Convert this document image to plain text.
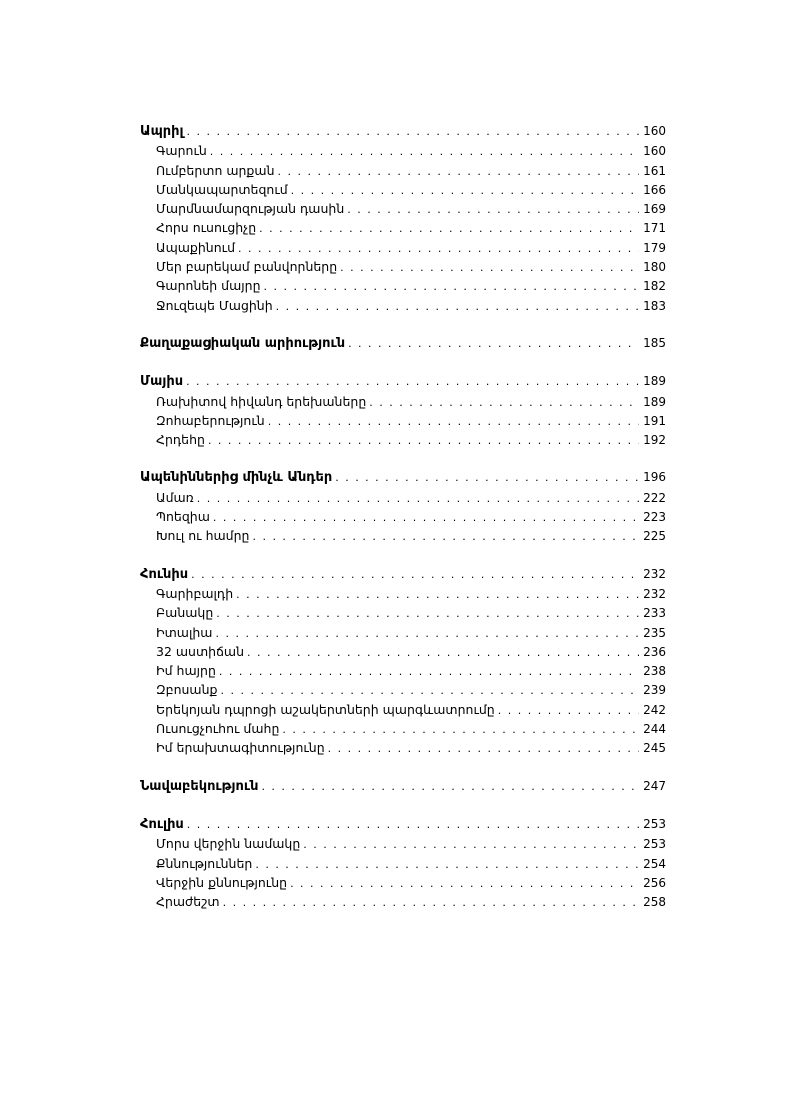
Ապրիլ . . .	160
Գարուն . . .	160
Ումբերտո արքան . . .	161
Մանկապարտեզում . . .	166
Մարմնամարզության դասին . . .	169
Հորս ուսուցիչը . . .	171
Ապաքինում . . .	179
Մեր բարեկամ բանվորները . . .	180
Գարոնեի մայրը . . .	182
Ջուզեպե Մացինի . . .	183
Քաղաքացիական արիություն . . .	185
Մայիս . . .	189
Ռախիտով հիվանդ երեխաները . . .	189
Զոհաբերություն . . .	191
Հրդեհը . . .	192
Ապենիններից մինչև Անդեր . . .	196
Ամառ . . .	222
Պոեզիա . . .	223
Խուլ ու համրը . . .	225
Հունիս . . .	232
Գարիբալդի . . .	232
Բանակը . . .	233
Իտալիա . . .	235
32 աստիճան . . .	236
Իմ հայրը . . .	238
Զբոսանք . . .	239
Երեկոյան դպրոցի աշակերտների պարգևատրումը . . .	242
Ուսուցչուհու մահը . . .	244
Իմ երախտագիտությունը . . .	245
Նավաբեկություն . . .	247
Հուլիս . . .	253
Մորս վերջին նամակը . . .	253
Քննություններ . . .	254
Վերջին քննությունը . . .	256
Հրաժեշտ . . .	258
